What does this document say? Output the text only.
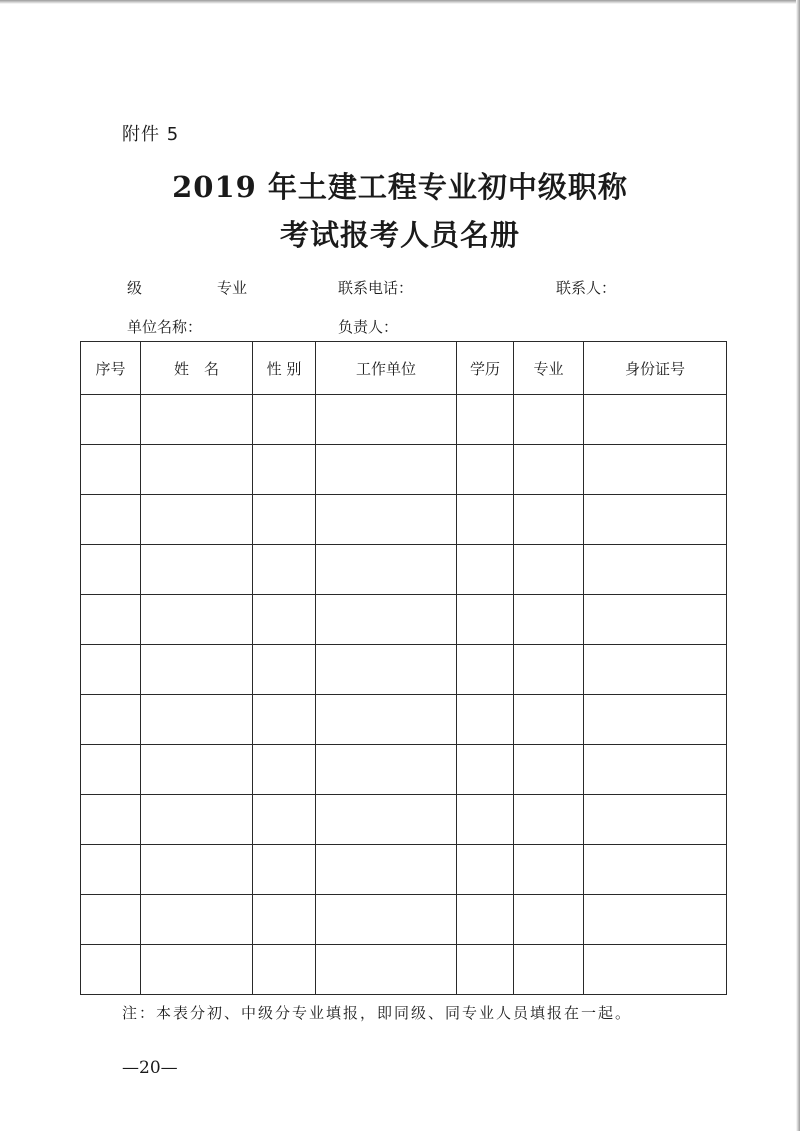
附件 5
2019 年土建工程专业初中级职称
考试报考人员名册
级	专业	联系电话：	联系人：
单位名称：	负责人：
序号	姓　名	性 别	工作单位	学历	专业	身份证号

注：本表分初、中级分专业填报，即同级、同专业人员填报在一起。
—20—
